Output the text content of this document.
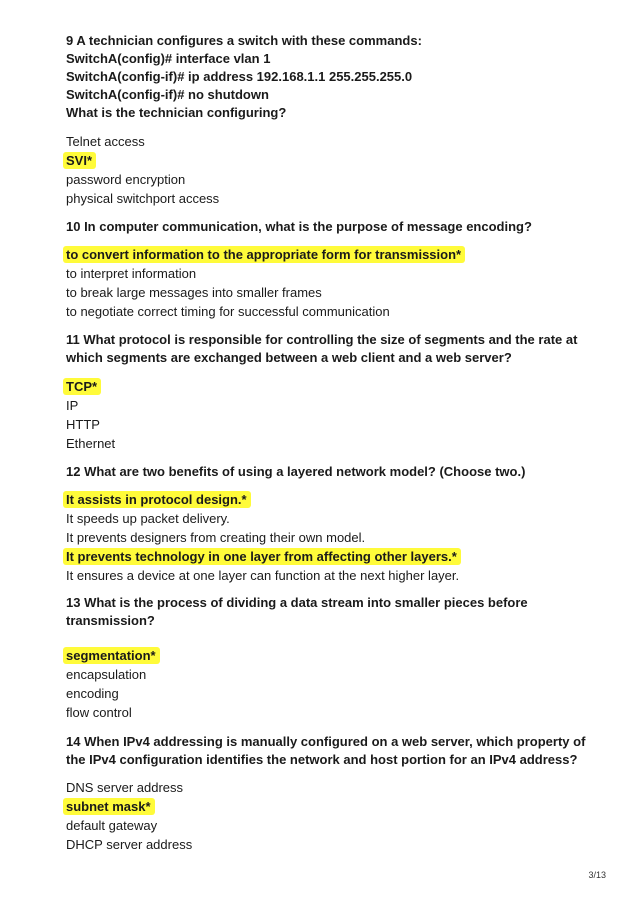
9 A technician configures a switch with these commands:
SwitchA(config)# interface vlan 1
SwitchA(config-if)# ip address 192.168.1.1 255.255.255.0
SwitchA(config-if)# no shutdown
What is the technician configuring?
Telnet access
SVI*
password encryption
physical switchport access
10 In computer communication, what is the purpose of message encoding?
to convert information to the appropriate form for transmission*
to interpret information
to break large messages into smaller frames
to negotiate correct timing for successful communication
11 What protocol is responsible for controlling the size of segments and the rate at
which segments are exchanged between a web client and a web server?
TCP*
IP
HTTP
Ethernet
12 What are two benefits of using a layered network model? (Choose two.)
It assists in protocol design.*
It speeds up packet delivery.
It prevents designers from creating their own model.
It prevents technology in one layer from affecting other layers.*
It ensures a device at one layer can function at the next higher layer.
13 What is the process of dividing a data stream into smaller pieces before
transmission?
segmentation*
encapsulation
encoding
flow control
14 When IPv4 addressing is manually configured on a web server, which property of
the IPv4 configuration identifies the network and host portion for an IPv4 address?
DNS server address
subnet mask*
default gateway
DHCP server address
3/13
